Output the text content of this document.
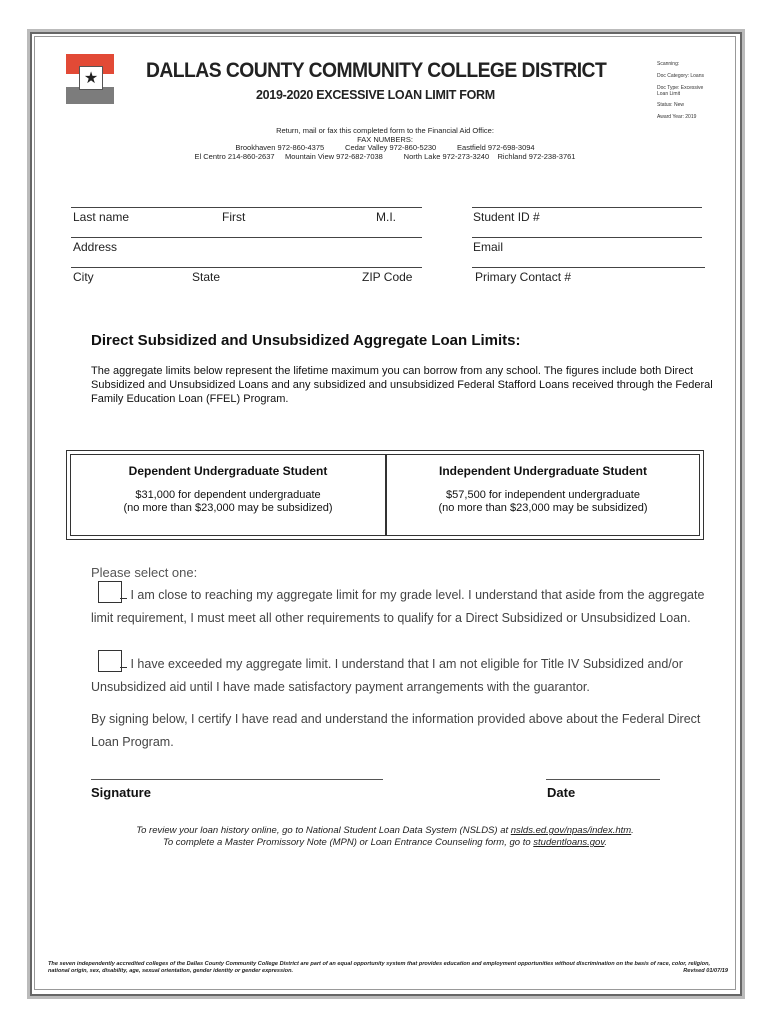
★ DALLAS COUNTY COMMUNITY COLLEGE DISTRICT
2019-2020 EXCESSIVE LOAN LIMIT FORM
Scanning:
Doc Category: Loans
Doc Type: Excessive
Loan Limit
Status: New
Award Year: 2019
Return, mail or fax this completed form to the Financial Aid Office:
FAX NUMBERS:
Brookhaven 972-860-4375          Cedar Valley 972-860-5230          Eastfield 972-698-3094
El Centro 214-860-2637     Mountain View 972-682-7038          North Lake 972-273-3240    Richland 972-238-3761
Last name	First	M.I.	Student ID #
Address	Email
City	State	ZIP Code	Primary Contact #
Direct Subsidized and Unsubsidized Aggregate Loan Limits:
The aggregate limits below represent the lifetime maximum you can borrow from any school. The figures include both Direct Subsidized and Unsubsidized Loans and any subsidized and unsubsidized Federal Stafford Loans received through the Federal Family Education Loan (FFEL) Program.
Dependent Undergraduate Student
$31,000 for dependent undergraduate
(no more than $23,000 may be subsidized)
Independent Undergraduate Student
$57,500 for independent undergraduate
(no more than $23,000 may be subsidized)
Please select one:
I am close to reaching my aggregate limit for my grade level. I understand that aside from the aggregate limit requirement, I must meet all other requirements to qualify for a Direct Subsidized or Unsubsidized Loan.
I have exceeded my aggregate limit. I understand that I am not eligible for Title IV Subsidized and/or Unsubsidized aid until I have made satisfactory payment arrangements with the guarantor.
By signing below, I certify I have read and understand the information provided above about the Federal Direct Loan Program.
Signature	Date
To review your loan history online, go to National Student Loan Data System (NSLDS) at nslds.ed.gov/npas/index.htm.
To complete a Master Promissory Note (MPN) or Loan Entrance Counseling form, go to studentloans.gov.
The seven independently accredited colleges of the Dallas County Community College District are part of an equal opportunity system that provides education and employment opportunities without discrimination on the basis of race, color, religion, national origin, sex, disability, age, sexual orientation, gender identity or gender expression.	Revised 01/07/19
